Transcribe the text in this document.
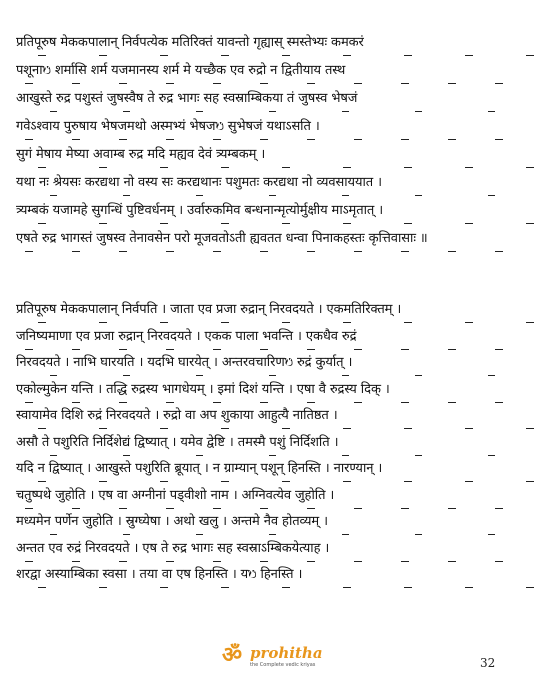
प्रतिपूरुष मेककपालान् निर्वपत्येक मतिरिक्तं यावन्तो गृह्यास् स्मस्तेभ्यः कमकरं
पशूनाᳫ शर्मासि शर्म यजमानस्य शर्म मे यच्छैक एव रुद्रो न द्वितीयाय तस्थ
आखुस्ते रुद्र पशुस्तं जुषस्वैष ते रुद्र भागः सह स्वस्राम्बिकया तं जुषस्व भेषजं
गवेऽश्वाय पुरुषाय भेषजमथो अस्मभ्यं भेषजᳫ सुभेषजं यथाऽसति ।
सुगं मेषाय मेष्या अवाम्ब रुद्र मदि मह्यव देवं त्र्यम्बकम् ।
यथा नः श्रेयसः करद्यथा नो वस्य सः करद्यथानः पशुमतः करद्यथा नो व्यवसाययात ।
त्र्यम्बकं यजामहे सुगन्धिं पुष्टिवर्धनम् । उर्वारुकमिव बन्धनान्मृत्योर्मुक्षीय माऽमृतात् ।
एषते रुद्र भागस्तं जुषस्व तेनावसेन परो मूजवतोऽती ह्यवतत धन्वा पिनाकहस्तः कृत्तिवासाः ॥
प्रतिपूरुष मेककपालान् निर्वपति । जाता एव प्रजा रुद्रान् निरवदयते । एकमतिरिक्तम् ।
जनिष्यमाणा एव प्रजा रुद्रान् निरवदयते । एकक पाला भवन्ति । एकधैव रुद्रं
निरवदयते । नाभि घारयति । यदभि घारयेत् । अन्तरवचारिणᳫ रुद्रं कुर्यात् ।
एकोल्मुकेन यन्ति । तद्धि रुद्रस्य भागधेयम् । इमां दिशं यन्ति । एषा वै रुद्रस्य दिक् ।
स्वायामेव दिशि रुद्रं निरवदयते । रुद्रो वा अप शुकाया आहुत्यै नातिष्ठत ।
असौ ते पशुरिति निर्दिशेद्यं द्विष्यात् । यमेव द्वेष्टि । तमस्मै पशुं निर्दिशति ।
यदि न द्विष्यात् । आखुस्ते पशुरिति ब्रूयात् । न ग्राम्यान् पशून् हिनस्ति । नारण्यान् ।
चतुष्पथे जुहोति । एष वा अग्नीनां पड्वीशो नाम । अग्निवत्येव जुहोति ।
मध्यमेन पर्णेन जुहोति । स्रुग्घ्येषा । अथो खलु । अन्तमे नैव होतव्यम् ।
अन्तत एव रुद्रं निरवदयते । एष ते रुद्र भागः सह स्वस्राऽम्बिकयेत्याह ।
शरद्वा अस्याम्बिका स्वसा । तया वा एष हिनस्ति । यᳫ हिनस्ति ।
ॐ prohitha
the Complete vedic kriyas	32
